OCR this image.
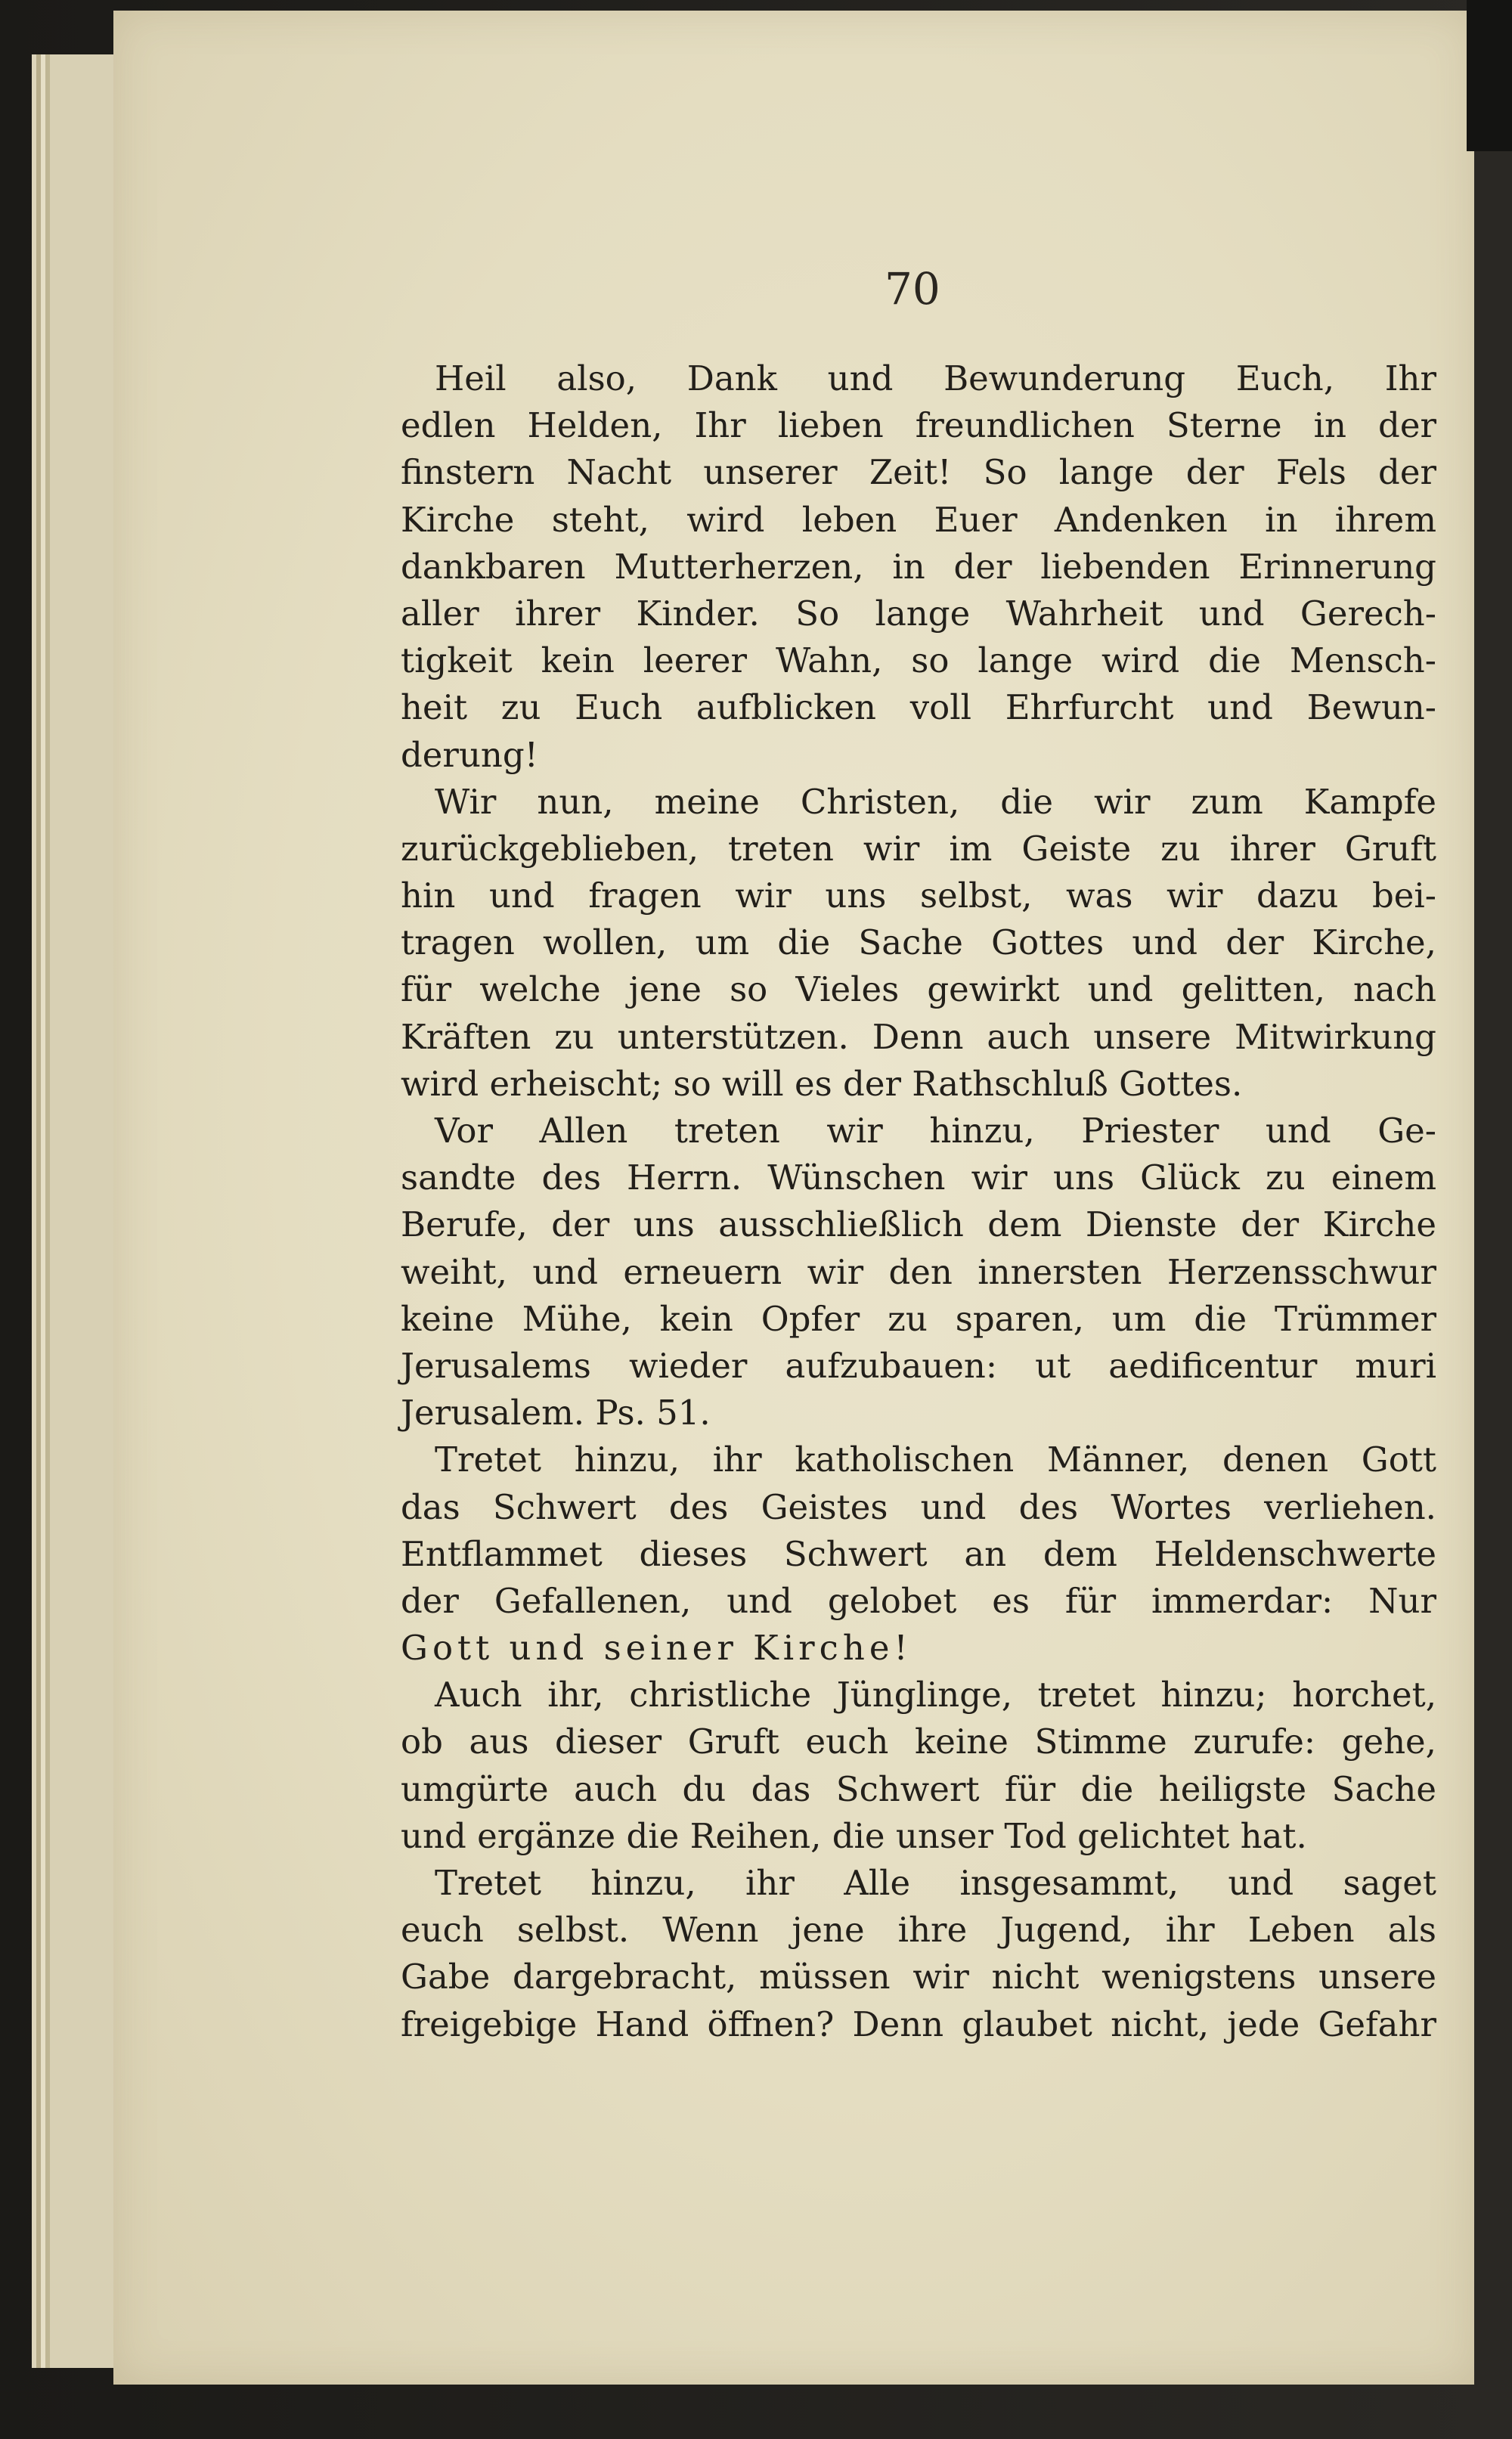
70
Heil also, Dank und Bewunderung Euch, Ihr
edlen Helden, Ihr lieben freundlichen Sterne in der
finstern Nacht unserer Zeit! So lange der Fels der
Kirche steht, wird leben Euer Andenken in ihrem
dankbaren Mutterherzen, in der liebenden Erinnerung
aller ihrer Kinder. So lange Wahrheit und Gerech-
tigkeit kein leerer Wahn, so lange wird die Mensch-
heit zu Euch aufblicken voll Ehrfurcht und Bewun-
derung!
Wir nun, meine Christen, die wir zum Kampfe
zurückgeblieben, treten wir im Geiste zu ihrer Gruft
hin und fragen wir uns selbst, was wir dazu bei-
tragen wollen, um die Sache Gottes und der Kirche,
für welche jene so Vieles gewirkt und gelitten, nach
Kräften zu unterstützen. Denn auch unsere Mitwirkung
wird erheischt; so will es der Rathschluß Gottes.
Vor Allen treten wir hinzu, Priester und Ge-
sandte des Herrn. Wünschen wir uns Glück zu einem
Berufe, der uns ausschließlich dem Dienste der Kirche
weiht, und erneuern wir den innersten Herzensschwur
keine Mühe, kein Opfer zu sparen, um die Trümmer
Jerusalems wieder aufzubauen: ut aedificentur muri
Jerusalem. Ps. 51.
Tretet hinzu, ihr katholischen Männer, denen Gott
das Schwert des Geistes und des Wortes verliehen.
Entflammet dieses Schwert an dem Heldenschwerte
der Gefallenen, und gelobet es für immerdar: Nur
Gott und seiner Kirche!
Auch ihr, christliche Jünglinge, tretet hinzu; horchet,
ob aus dieser Gruft euch keine Stimme zurufe: gehe,
umgürte auch du das Schwert für die heiligste Sache
und ergänze die Reihen, die unser Tod gelichtet hat.
Tretet hinzu, ihr Alle insgesammt, und saget
euch selbst. Wenn jene ihre Jugend, ihr Leben als
Gabe dargebracht, müssen wir nicht wenigstens unsere
freigebige Hand öffnen? Denn glaubet nicht, jede Gefahr
